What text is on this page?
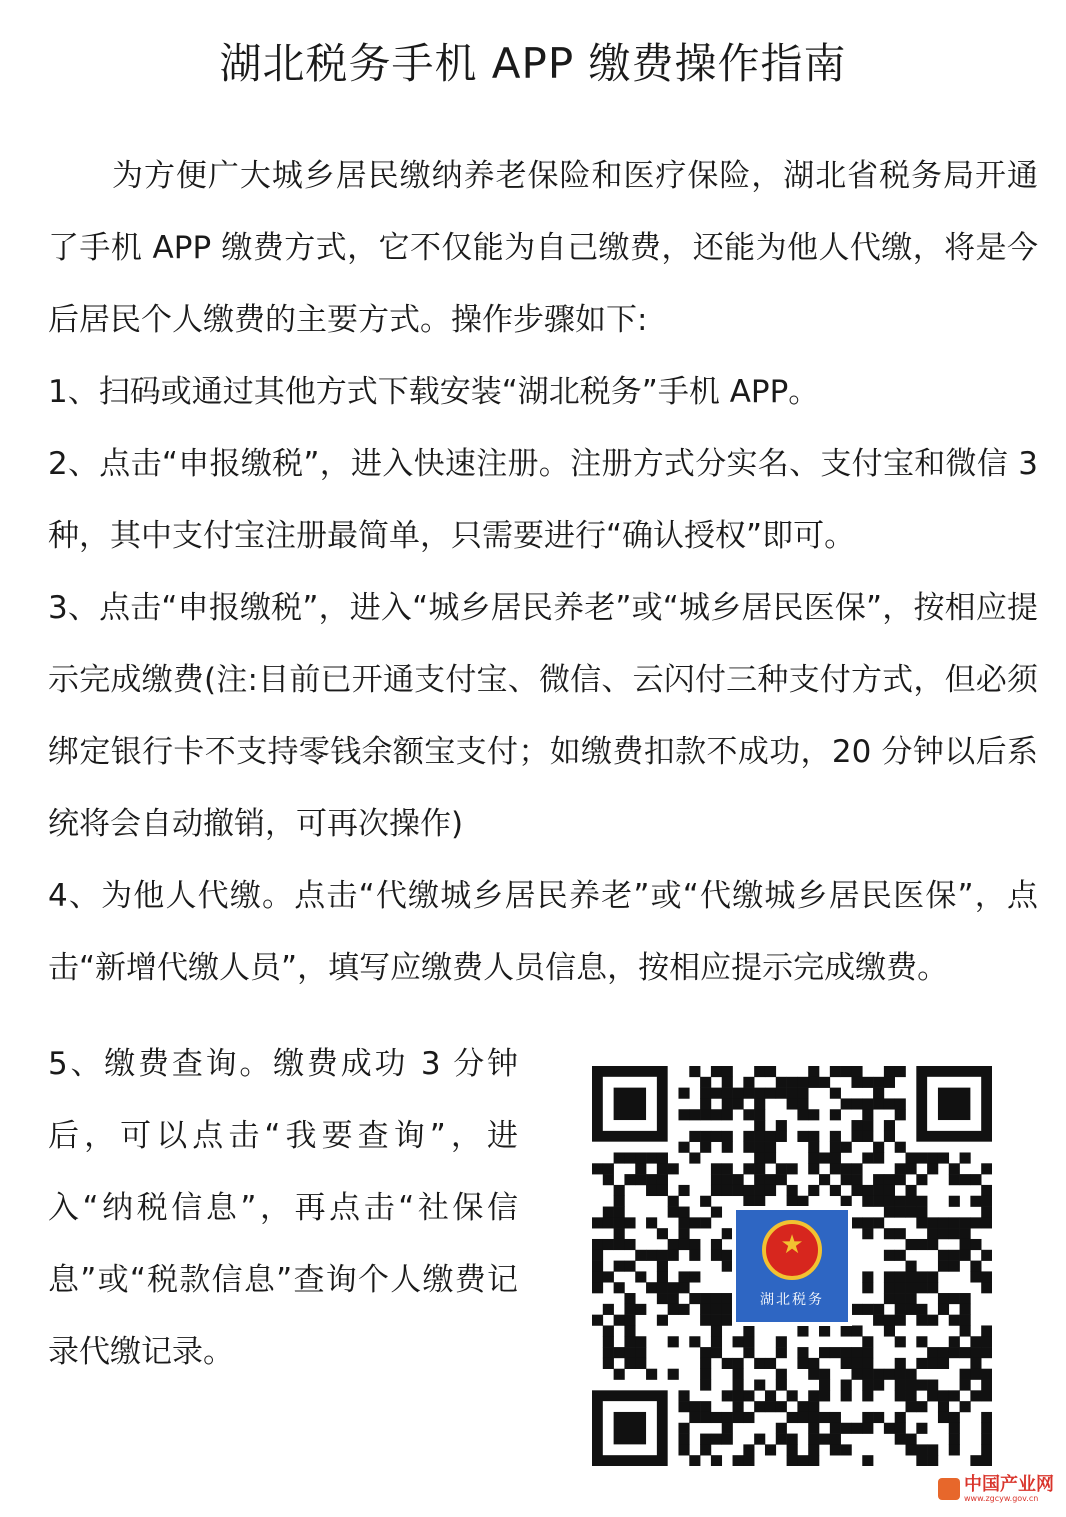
湖北税务手机 APP 缴费操作指南

为方便广大城乡居民缴纳养老保险和医疗保险，湖北省税务局开通了手机 APP 缴费方式，它不仅能为自己缴费，还能为他人代缴，将是今后居民个人缴费的主要方式。操作步骤如下:

1、扫码或通过其他方式下载安装“湖北税务”手机 APP。

2、点击“申报缴税”，进入快速注册。注册方式分实名、支付宝和微信 3 种，其中支付宝注册最简单，只需要进行“确认授权”即可。

3、点击“申报缴税”，进入“城乡居民养老”或“城乡居民医保”，按相应提示完成缴费(注:目前已开通支付宝、微信、云闪付三种支付方式，但必须绑定银行卡不支持零钱余额宝支付；如缴费扣款不成功，20 分钟以后系统将会自动撤销，可再次操作)

4、为他人代缴。点击“代缴城乡居民养老”或“代缴城乡居民医保”，点击“新增代缴人员”，填写应缴费人员信息，按相应提示完成缴费。

5、缴费查询。缴费成功 3 分钟后，可以点击“我要查询”，进入“纳税信息”，再点击“社保信息”或“税款信息”查询个人缴费记录代缴记录。

★
湖北税务
中国产业网
www.zgcyw.gov.cn
